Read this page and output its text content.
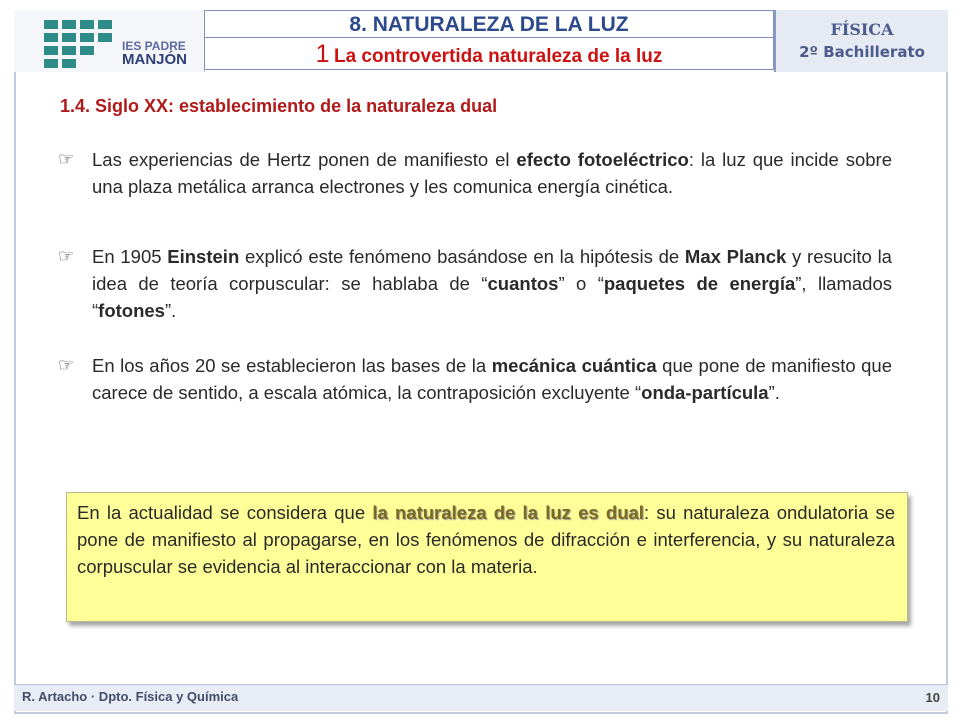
IES PADRE
MANJÓN
8. NATURALEZA DE LA LUZ
1 La controvertida naturaleza de la luz
FÍSICA
2º Bachillerato
1.4. Siglo XX: establecimiento de la naturaleza dual
☞ Las experiencias de Hertz ponen de manifiesto el efecto fotoeléctrico: la luz que incide sobre una plaza metálica arranca electrones y les comunica energía cinética.
☞ En 1905 Einstein explicó este fenómeno basándose en la hipótesis de Max Planck y resucito la idea de teoría corpuscular: se hablaba de “cuantos” o “paquetes de energía”, llamados “fotones”.
☞ En los años 20 se establecieron las bases de la mecánica cuántica que pone de manifiesto que carece de sentido, a escala atómica, la contraposición excluyente “onda-partícula”.
En la actualidad se considera que la naturaleza de la luz es dual: su naturaleza ondulatoria se pone de manifiesto al propagarse, en los fenómenos de difracción e interferencia, y su naturaleza corpuscular se evidencia al interaccionar con la materia.
R. Artacho · Dpto. Física y Química	10
